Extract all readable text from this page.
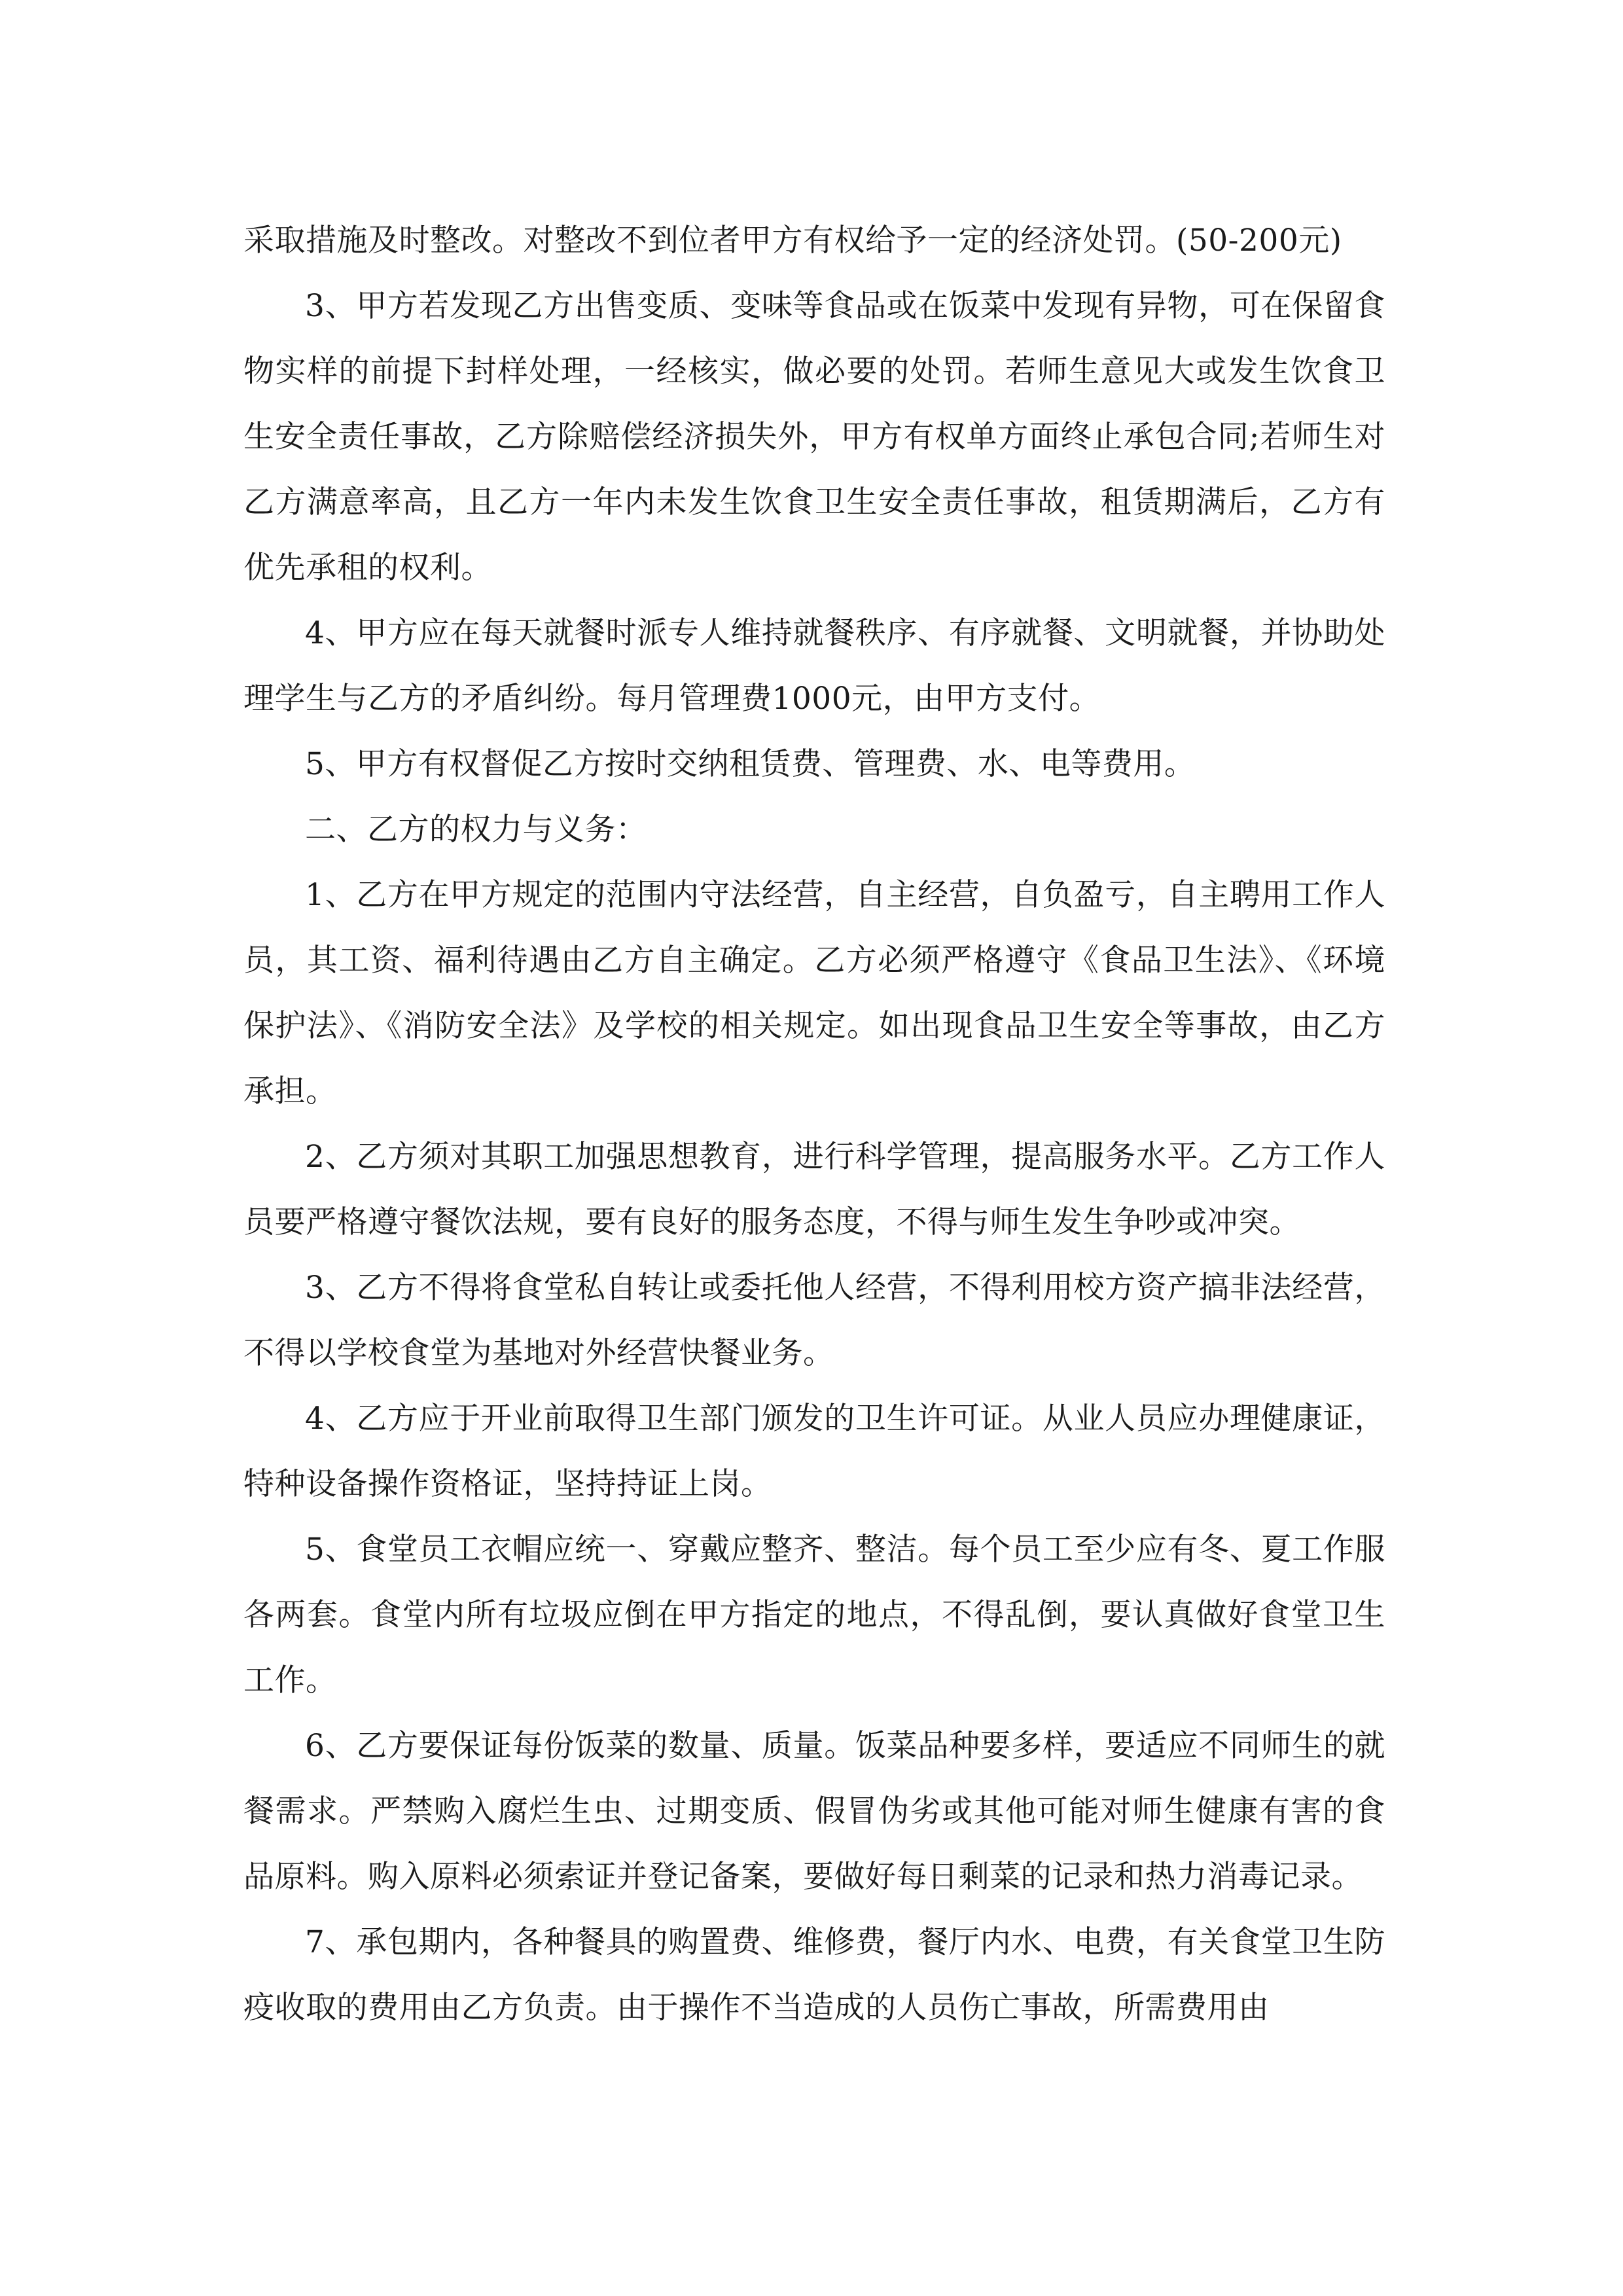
采取措施及时整改。对整改不到位者甲方有权给予一定的经济处罚。(50-200元)

3、甲方若发现乙方出售变质、变味等食品或在饭菜中发现有异物，可在保留食物实样的前提下封样处理，一经核实，做必要的处罚。若师生意见大或发生饮食卫生安全责任事故，乙方除赔偿经济损失外，甲方有权单方面终止承包合同;若师生对乙方满意率高，且乙方一年内未发生饮食卫生安全责任事故，租赁期满后，乙方有优先承租的权利。

4、甲方应在每天就餐时派专人维持就餐秩序、有序就餐、文明就餐，并协助处理学生与乙方的矛盾纠纷。每月管理费1000元，由甲方支付。

5、甲方有权督促乙方按时交纳租赁费、管理费、水、电等费用。

二、乙方的权力与义务：

1、乙方在甲方规定的范围内守法经营，自主经营，自负盈亏，自主聘用工作人员，其工资、福利待遇由乙方自主确定。乙方必须严格遵守《食品卫生法》、《环境保护法》、《消防安全法》及学校的相关规定。如出现食品卫生安全等事故，由乙方承担。

2、乙方须对其职工加强思想教育，进行科学管理，提高服务水平。乙方工作人员要严格遵守餐饮法规，要有良好的服务态度，不得与师生发生争吵或冲突。

3、乙方不得将食堂私自转让或委托他人经营，不得利用校方资产搞非法经营，不得以学校食堂为基地对外经营快餐业务。

4、乙方应于开业前取得卫生部门颁发的卫生许可证。从业人员应办理健康证，特种设备操作资格证，坚持持证上岗。

5、食堂员工衣帽应统一、穿戴应整齐、整洁。每个员工至少应有冬、夏工作服各两套。食堂内所有垃圾应倒在甲方指定的地点，不得乱倒，要认真做好食堂卫生工作。

6、乙方要保证每份饭菜的数量、质量。饭菜品种要多样，要适应不同师生的就餐需求。严禁购入腐烂生虫、过期变质、假冒伪劣或其他可能对师生健康有害的食品原料。购入原料必须索证并登记备案，要做好每日剩菜的记录和热力消毒记录。

7、承包期内，各种餐具的购置费、维修费，餐厅内水、电费，有关食堂卫生防疫收取的费用由乙方负责。由于操作不当造成的人员伤亡事故，所需费用由
